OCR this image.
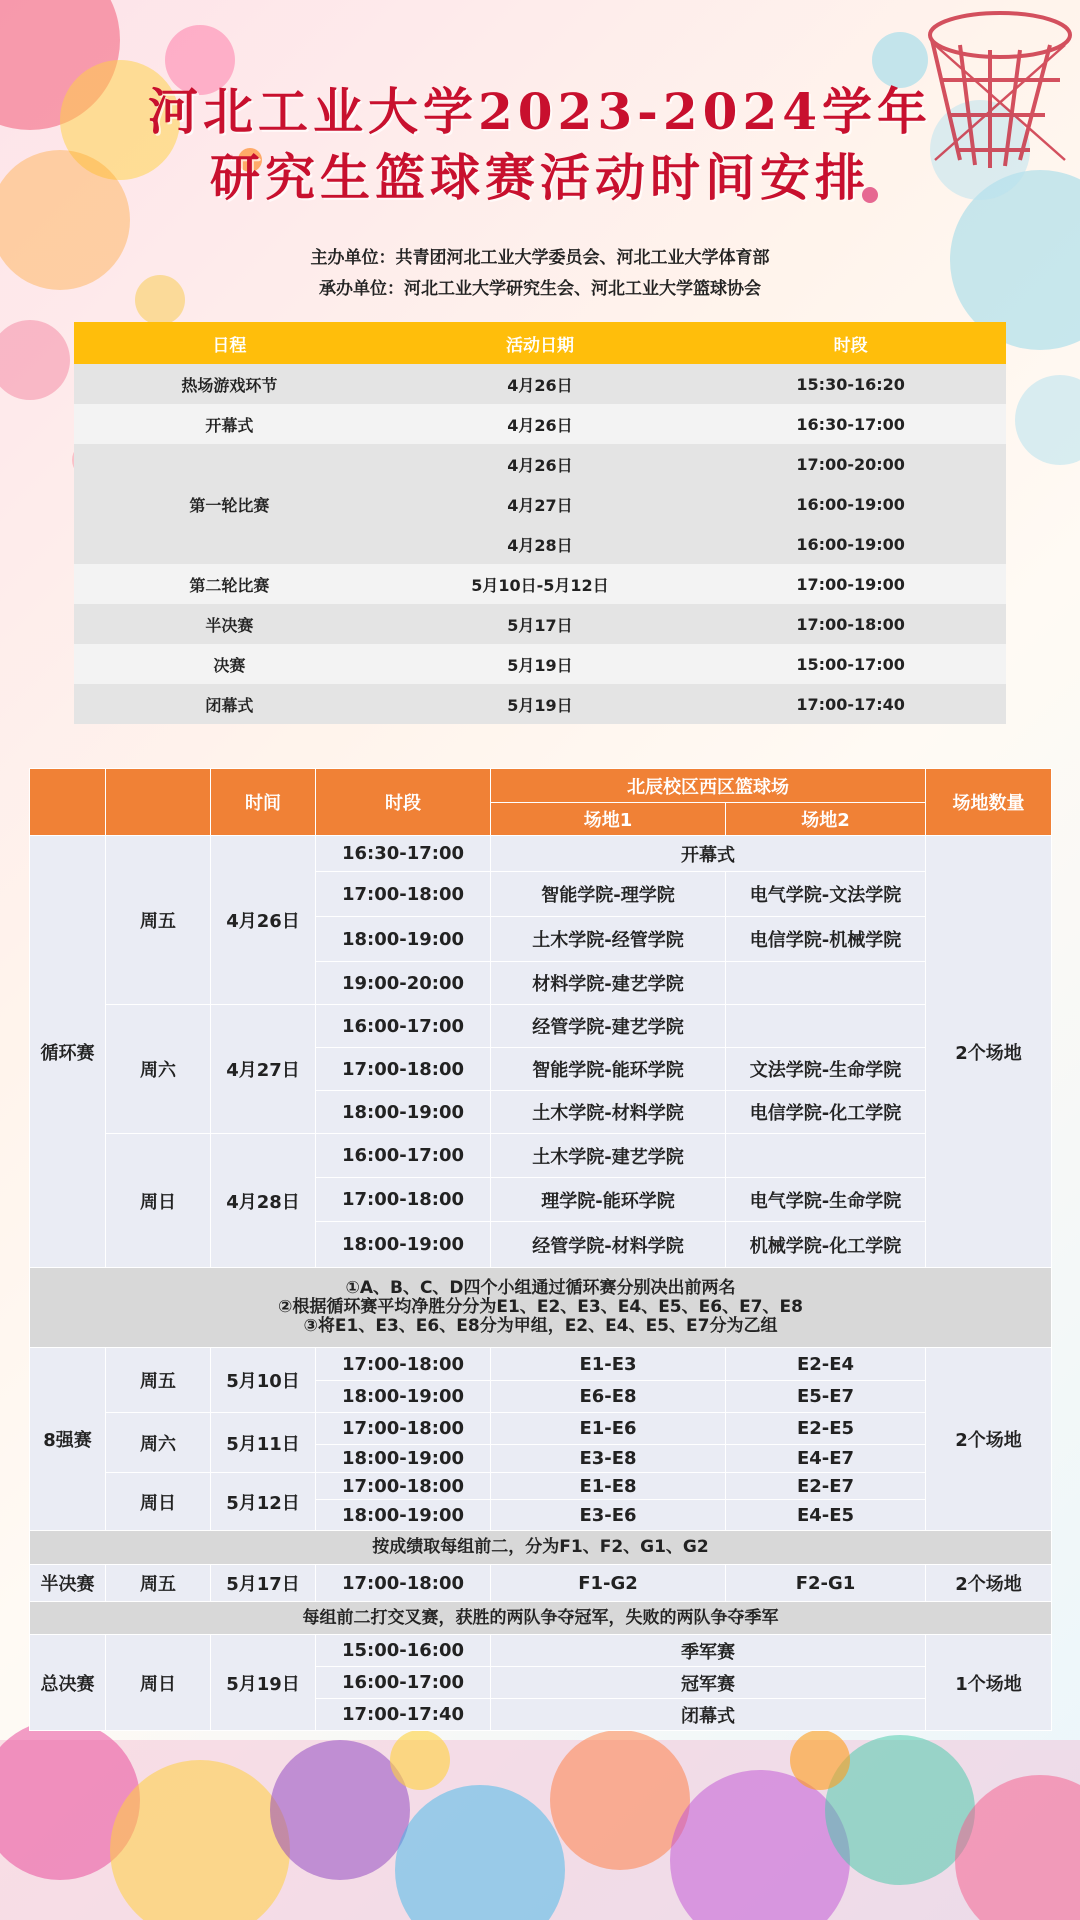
河北工业大学2023-2024学年
研究生篮球赛活动时间安排
主办单位：共青团河北工业大学委员会、河北工业大学体育部
承办单位：河北工业大学研究生会、河北工业大学篮球协会
日程	活动日期	时段
热场游戏环节	4月26日	15:30-16:20
开幕式	4月26日	16:30-17:00
第一轮比赛	4月26日	17:00-20:00
	4月27日	16:00-19:00
	4月28日	16:00-19:00
第二轮比赛	5月10日-5月12日	17:00-19:00
半决赛	5月17日	17:00-18:00
决赛	5月19日	15:00-17:00
闭幕式	5月19日	17:00-17:40
		时间	时段	北辰校区西区篮球场		场地数量
				场地1	场地2	
循环赛	周五	4月26日	16:30-17:00	开幕式		2个场地
			17:00-18:00	智能学院-理学院	电气学院-文法学院	
			18:00-19:00	土木学院-经管学院	电信学院-机械学院	
			19:00-20:00	材料学院-建艺学院		
	周六	4月27日	16:00-17:00	经管学院-建艺学院		
			17:00-18:00	智能学院-能环学院	文法学院-生命学院	
			18:00-19:00	土木学院-材料学院	电信学院-化工学院	
	周日	4月28日	16:00-17:00	土木学院-建艺学院		
			17:00-18:00	理学院-能环学院	电气学院-生命学院	
			18:00-19:00	经管学院-材料学院	机械学院-化工学院	

①A、B、C、D四个小组通过循环赛分别决出前两名
②根据循环赛平均净胜分分为E1、E2、E3、E4、E5、E6、E7、E8
③将E1、E3、E6、E8分为甲组，E2、E4、E5、E7分为乙组						

8强赛	周五	5月10日	17:00-18:00	E1-E3	E2-E4	2个场地
			18:00-19:00	E6-E8	E5-E7	
	周六	5月11日	17:00-18:00	E1-E6	E2-E5	
			18:00-19:00	E3-E8	E4-E7	
	周日	5月12日	17:00-18:00	E1-E8	E2-E7	
			18:00-19:00	E3-E6	E4-E5	
按成绩取每组前二，分为F1、F2、G1、G2						
半决赛	周五	5月17日	17:00-18:00	F1-G2	F2-G1	2个场地
每组前二打交叉赛，获胜的两队争夺冠军，失败的两队争夺季军						
总决赛	周日	5月19日	15:00-16:00	季军赛		1个场地
			16:00-17:00	冠军赛		
			17:00-17:40	闭幕式		
